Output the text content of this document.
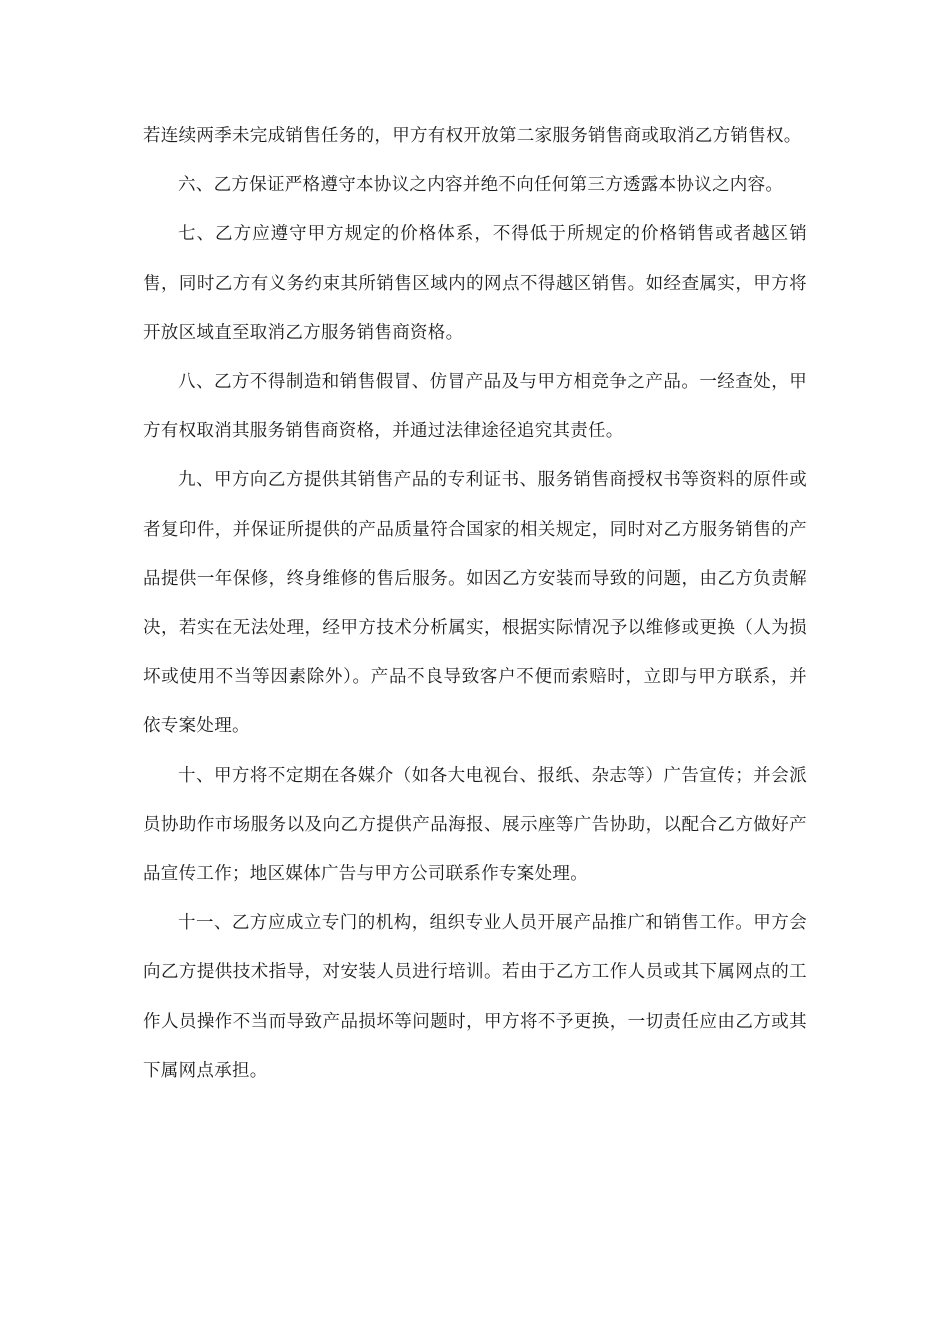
若连续两季未完成销售任务的，甲方有权开放第二家服务销售商或取消乙方销售权。

六、乙方保证严格遵守本协议之内容并绝不向任何第三方透露本协议之内容。

七、乙方应遵守甲方规定的价格体系，不得低于所规定的价格销售或者越区销售，同时乙方有义务约束其所销售区域内的网点不得越区销售。如经查属实，甲方将开放区域直至取消乙方服务销售商资格。

八、乙方不得制造和销售假冒、仿冒产品及与甲方相竞争之产品。一经查处，甲方有权取消其服务销售商资格，并通过法律途径追究其责任。

九、甲方向乙方提供其销售产品的专利证书、服务销售商授权书等资料的原件或者复印件，并保证所提供的产品质量符合国家的相关规定，同时对乙方服务销售的产品提供一年保修，终身维修的售后服务。如因乙方安装而导致的问题，由乙方负责解决，若实在无法处理，经甲方技术分析属实，根据实际情况予以维修或更换（人为损坏或使用不当等因素除外）。产品不良导致客户不便而索赔时，立即与甲方联系，并依专案处理。

十、甲方将不定期在各媒介（如各大电视台、报纸、杂志等）广告宣传；并会派员协助作市场服务以及向乙方提供产品海报、展示座等广告协助，以配合乙方做好产品宣传工作；地区媒体广告与甲方公司联系作专案处理。

十一、乙方应成立专门的机构，组织专业人员开展产品推广和销售工作。甲方会向乙方提供技术指导，对安装人员进行培训。若由于乙方工作人员或其下属网点的工作人员操作不当而导致产品损坏等问题时，甲方将不予更换，一切责任应由乙方或其下属网点承担。
